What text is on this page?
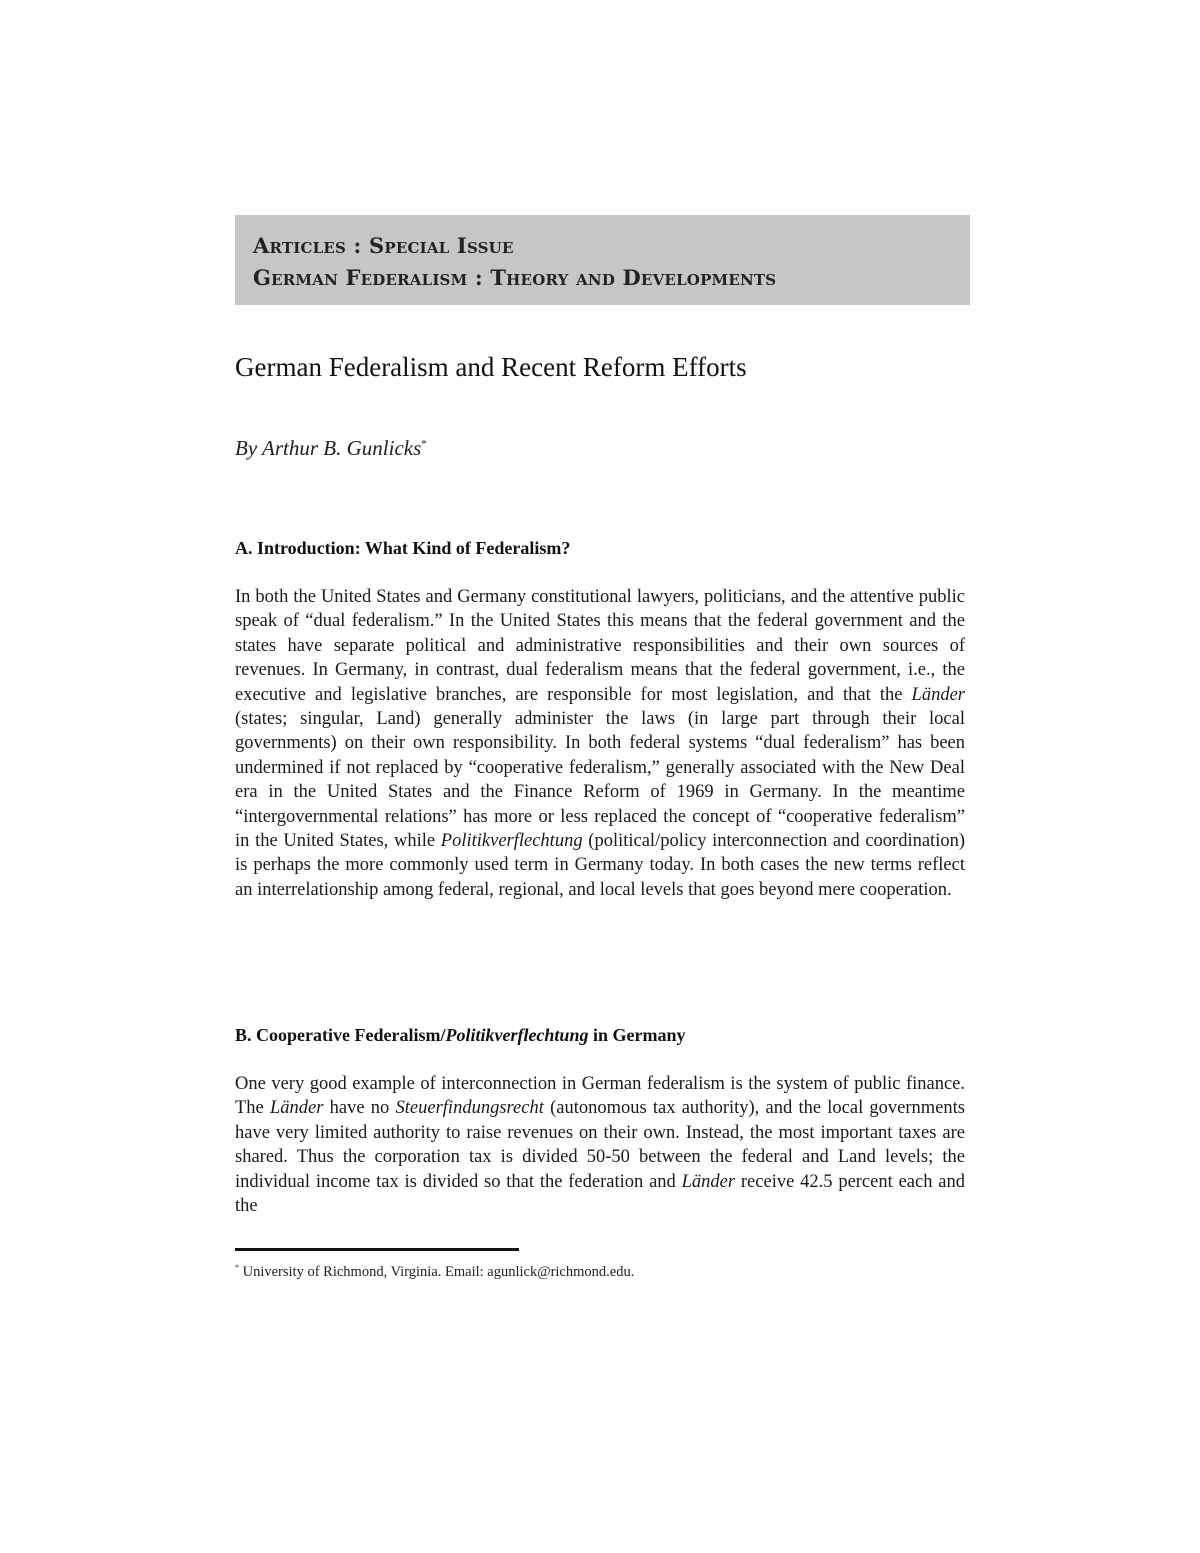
Articles : Special Issue
German Federalism : Theory and Developments
German Federalism and Recent Reform Efforts
By Arthur B. Gunlicks*
A. Introduction: What Kind of Federalism?

In both the United States and Germany constitutional lawyers, politicians, and the attentive public speak of “dual federalism.” In the United States this means that the federal government and the states have separate political and administrative responsibilities and their own sources of revenues. In Germany, in contrast, dual federalism means that the federal government, i.e., the executive and legislative branches, are responsible for most legislation, and that the Länder (states; singular, Land) generally administer the laws (in large part through their local governments) on their own responsibility. In both federal systems “dual federalism” has been undermined if not replaced by “cooperative federalism,” generally associated with the New Deal era in the United States and the Finance Reform of 1969 in Germany. In the meantime “intergovernmental relations” has more or less replaced the concept of “cooperative federalism” in the United States, while Politikverflechtung (political/policy interconnection and coordination) is perhaps the more commonly used term in Germany today. In both cases the new terms reflect an interrelationship among federal, regional, and local levels that goes beyond mere cooperation.

B. Cooperative Federalism/Politikverflechtung in Germany

One very good example of interconnection in German federalism is the system of public finance. The Länder have no Steuerfindungsrecht (autonomous tax authority), and the local governments have very limited authority to raise revenues on their own. Instead, the most important taxes are shared. Thus the corporation tax is divided 50-50 between the federal and Land levels; the individual income tax is divided so that the federation and Länder receive 42.5 percent each and the

* University of Richmond, Virginia. Email: agunlick@richmond.edu.
